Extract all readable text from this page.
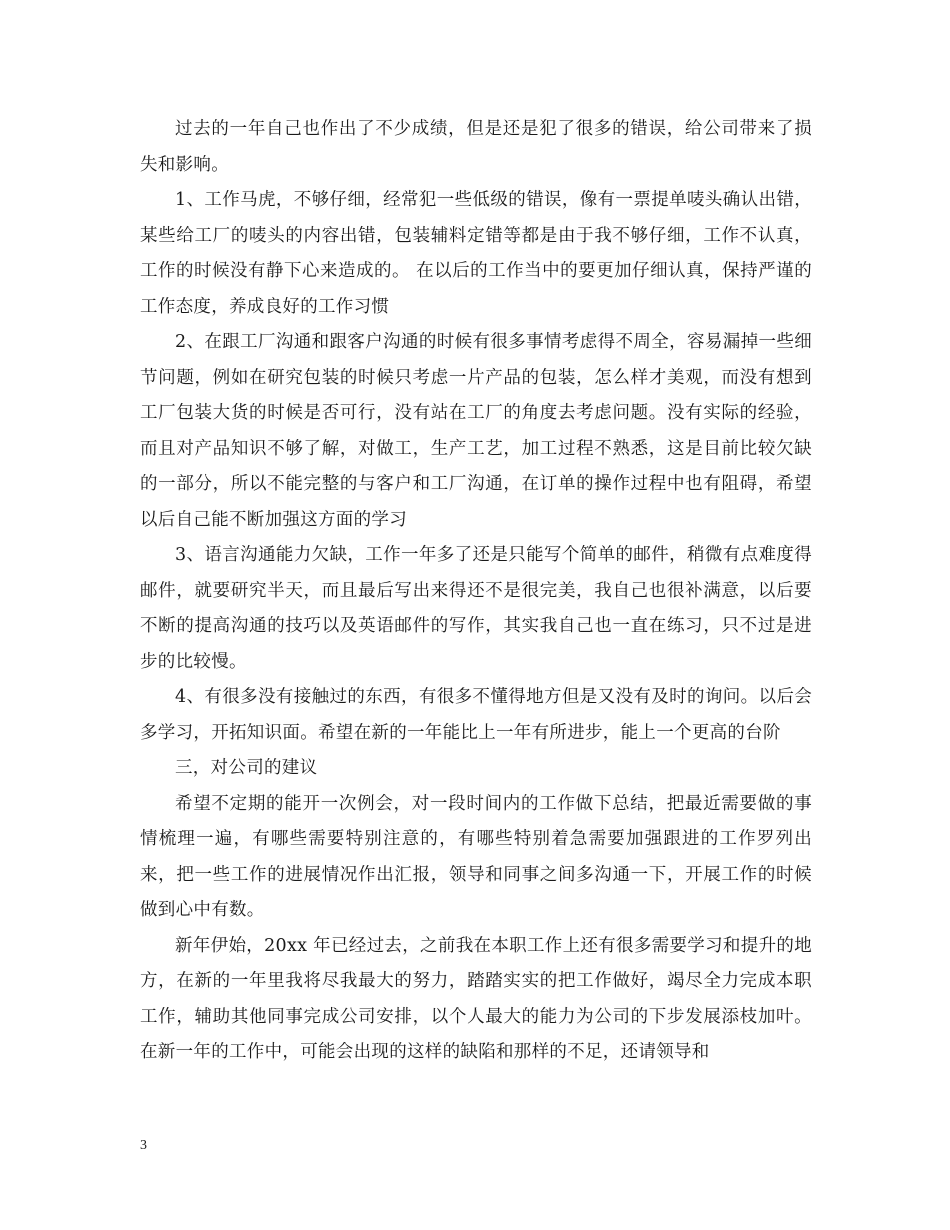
过去的一年自己也作出了不少成绩，但是还是犯了很多的错误，给公司带来了损失和影响。

1、工作马虎，不够仔细，经常犯一些低级的错误，像有一票提单唛头确认出错，某些给工厂的唛头的内容出错，包装辅料定错等都是由于我不够仔细，工作不认真，工作的时候没有静下心来造成的。 在以后的工作当中的要更加仔细认真，保持严谨的工作态度，养成良好的工作习惯

2、在跟工厂沟通和跟客户沟通的时候有很多事情考虑得不周全，容易漏掉一些细节问题，例如在研究包装的时候只考虑一片产品的包装，怎么样才美观，而没有想到工厂包装大货的时候是否可行，没有站在工厂的角度去考虑问题。没有实际的经验，而且对产品知识不够了解，对做工，生产工艺，加工过程不熟悉，这是目前比较欠缺的一部分，所以不能完整的与客户和工厂沟通，在订单的操作过程中也有阻碍，希望以后自己能不断加强这方面的学习

3、语言沟通能力欠缺，工作一年多了还是只能写个简单的邮件，稍微有点难度得邮件，就要研究半天，而且最后写出来得还不是很完美，我自己也很补满意，以后要不断的提高沟通的技巧以及英语邮件的写作，其实我自己也一直在练习，只不过是进步的比较慢。

4、有很多没有接触过的东西，有很多不懂得地方但是又没有及时的询问。以后会多学习，开拓知识面。希望在新的一年能比上一年有所进步，能上一个更高的台阶

三，对公司的建议

希望不定期的能开一次例会，对一段时间内的工作做下总结，把最近需要做的事情梳理一遍，有哪些需要特别注意的，有哪些特别着急需要加强跟进的工作罗列出来，把一些工作的进展情况作出汇报，领导和同事之间多沟通一下，开展工作的时候做到心中有数。

新年伊始，20xx 年已经过去，之前我在本职工作上还有很多需要学习和提升的地方，在新的一年里我将尽我最大的努力，踏踏实实的把工作做好，竭尽全力完成本职工作，辅助其他同事完成公司安排，以个人最大的能力为公司的下步发展添枝加叶。在新一年的工作中，可能会出现的这样的缺陷和那样的不足，还请领导和

3
